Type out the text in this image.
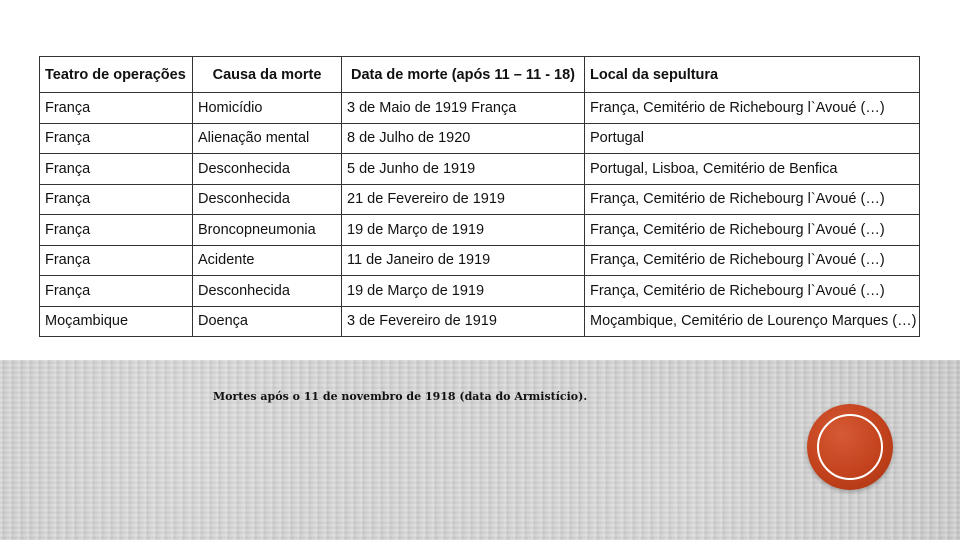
Teatro de operações	Causa da morte	Data de morte (após 11 – 11 - 18)	Local da sepultura
França	Homicídio	3 de Maio de 1919 França	França, Cemitério de Richebourg l`Avoué (…)
França	Alienação mental	8 de Julho de 1920	Portugal
França	Desconhecida	5 de Junho de 1919	Portugal, Lisboa, Cemitério de Benfica
França	Desconhecida	21 de Fevereiro de 1919	França, Cemitério de Richebourg l`Avoué (…)
França	Broncopneumonia	19 de Março de 1919	França, Cemitério de Richebourg l`Avoué (…)
França	Acidente	11 de Janeiro de 1919	França, Cemitério de Richebourg l`Avoué (…)
França	Desconhecida	19 de Março de 1919	França, Cemitério de Richebourg l`Avoué (…)
Moçambique	Doença	3 de Fevereiro de 1919	Moçambique, Cemitério de Lourenço Marques (…)
Mortes após o 11 de novembro de 1918 (data do Armistício).
